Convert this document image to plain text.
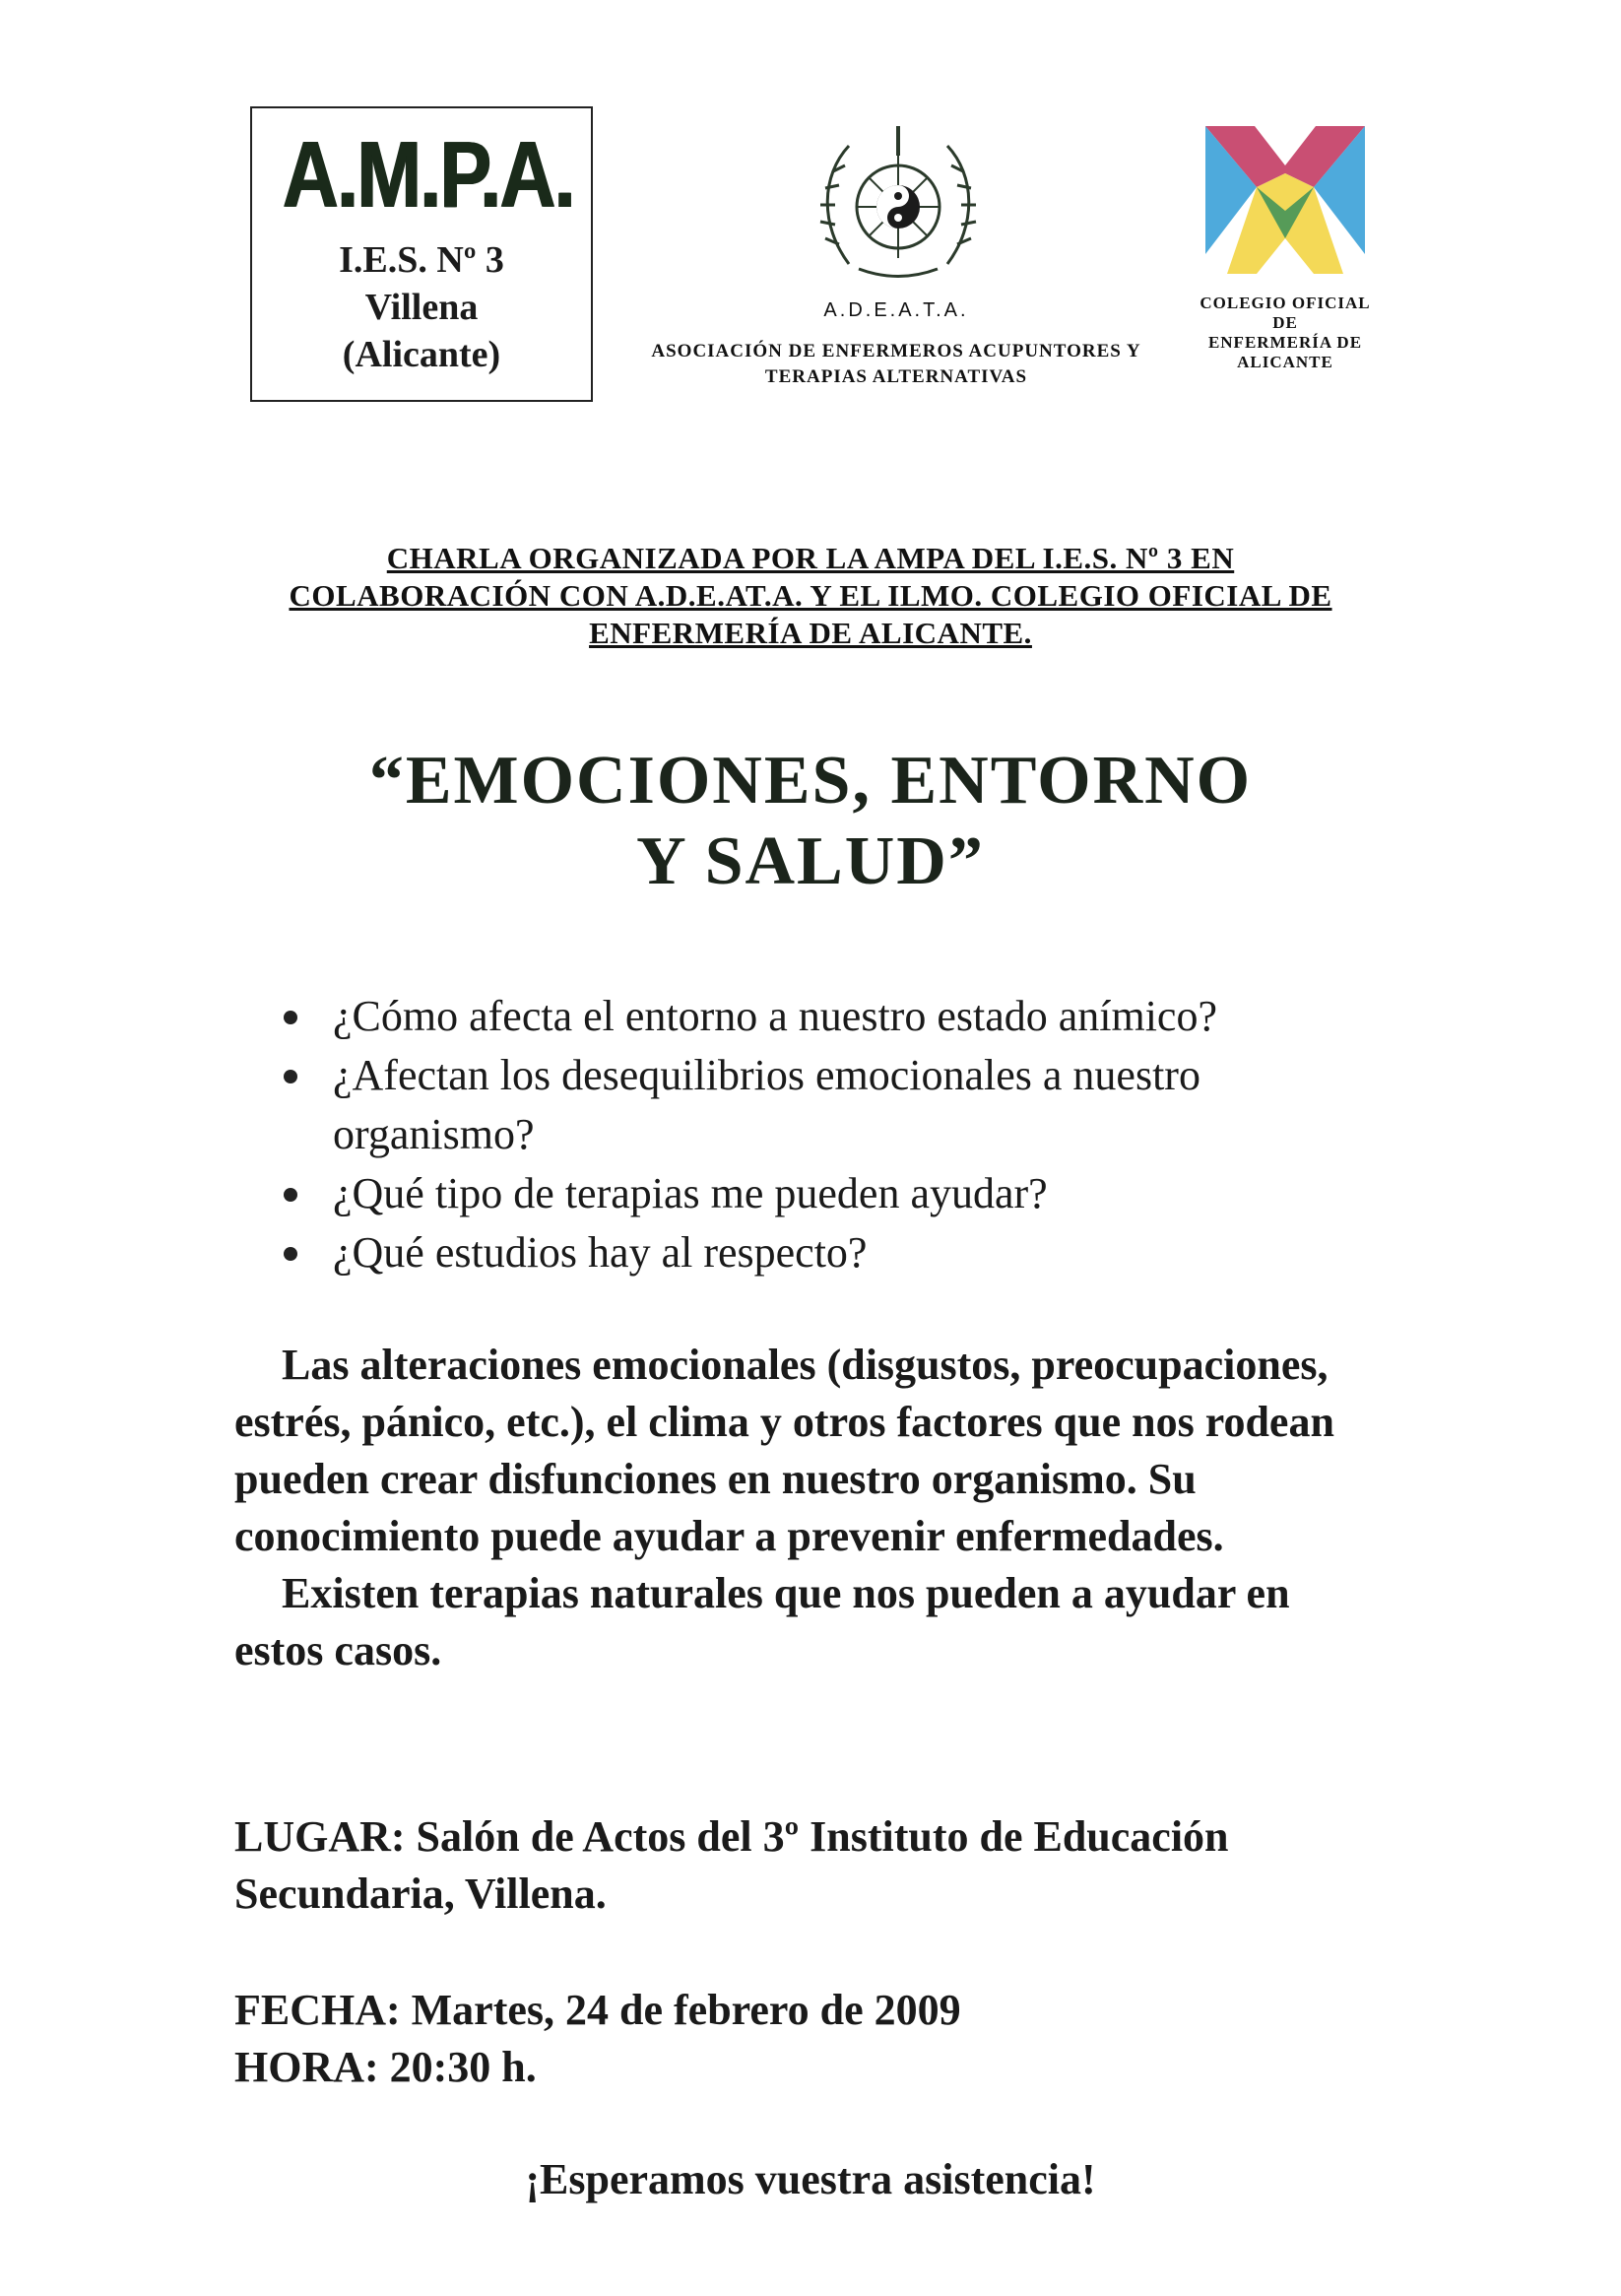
A.M.P.A.
I.E.S. Nº 3
Villena
(Alicante)
A.D.E.A.T.A.
ASOCIACIÓN DE ENFERMEROS ACUPUNTORES Y
TERAPIAS ALTERNATIVAS
COLEGIO OFICIAL
DE
ENFERMERÍA DE
ALICANTE
CHARLA ORGANIZADA POR LA AMPA DEL I.E.S. Nº 3 EN
COLABORACIÓN CON A.D.E.AT.A. Y EL ILMO. COLEGIO OFICIAL DE
ENFERMERÍA DE ALICANTE.
“EMOCIONES, ENTORNO
Y SALUD”
¿Cómo afecta el entorno a nuestro estado anímico?
¿Afectan los desequilibrios emocionales a nuestro organismo?
¿Qué tipo de terapias me pueden ayudar?
¿Qué estudios hay al respecto?

Las alteraciones emocionales (disgustos, preocupaciones, estrés, pánico, etc.), el clima y otros factores que nos rodean pueden crear disfunciones en nuestro organismo. Su conocimiento puede ayudar a prevenir enfermedades.

Existen terapias naturales que nos pueden a ayudar en estos casos.

LUGAR: Salón de Actos del 3º Instituto de Educación Secundaria, Villena.
FECHA: Martes, 24 de febrero de 2009
HORA: 20:30 h.
¡Esperamos vuestra asistencia!
